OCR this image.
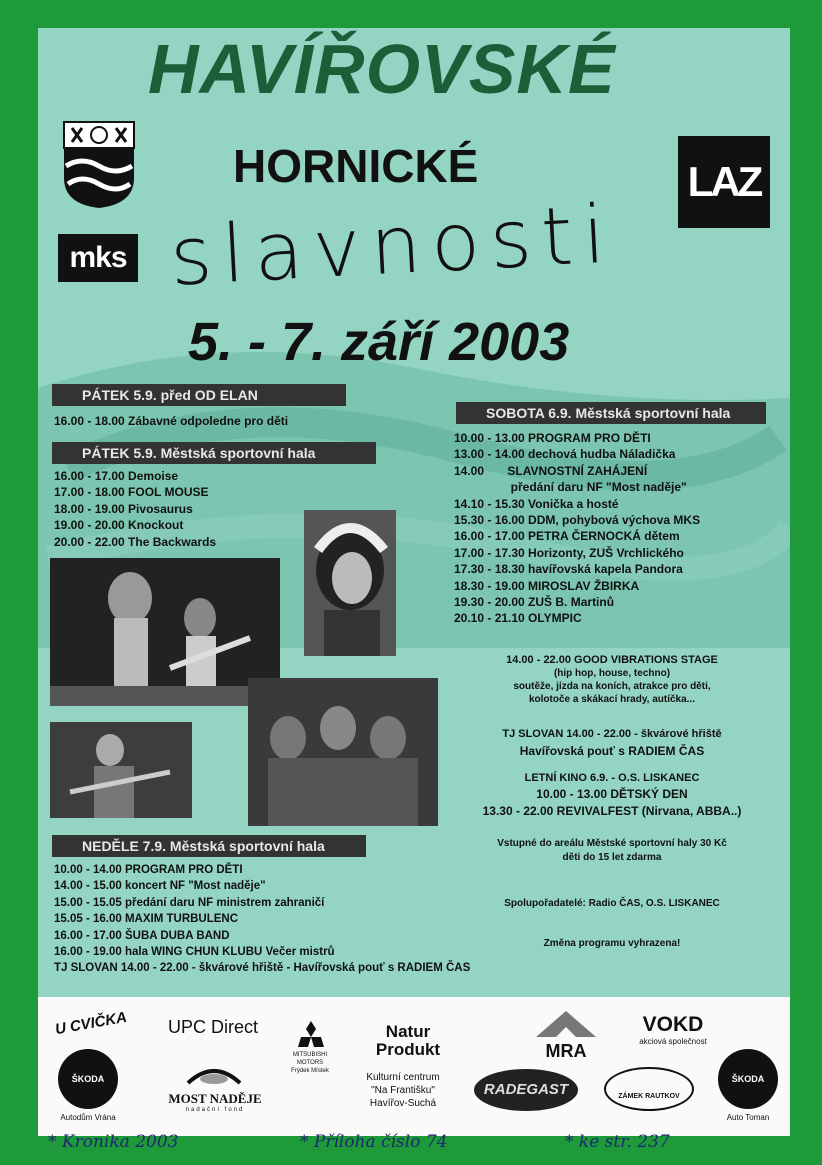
HAVÍŘOVSKÉ
HORNICKÉ
slavnosti
5. - 7. září 2003
mks
LAZ
PÁTEK 5.9. před OD ELAN
16.00 - 18.00 Zábavné odpoledne pro děti
PÁTEK 5.9. Městská sportovní hala
16.00 - 17.00 Demoise
17.00 - 18.00 FOOL MOUSE
18.00 - 19.00 Pivosaurus
19.00 - 20.00 Knockout
20.00 - 22.00 The Backwards
SOBOTA 6.9. Městská sportovní hala
10.00 - 13.00 PROGRAM PRO DĚTI
13.00 - 14.00 dechová hudba Náladička
14.00       SLAVNOSTNÍ ZAHÁJENÍ
předání daru NF "Most naděje"
14.10 - 15.30 Vonička a hosté
15.30 - 16.00 DDM, pohybová výchova MKS
16.00 - 17.00 PETRA ČERNOCKÁ dětem
17.00 - 17.30 Horizonty, ZUŠ Vrchlického
17.30 - 18.30 havířovská kapela Pandora
18.30 - 19.00 MIROSLAV ŽBIRKA
19.30 - 20.00 ZUŠ B. Martinů
20.10 - 21.10 OLYMPIC
14.00 - 22.00 GOOD VIBRATIONS STAGE
(hip hop, house, techno)
soutěže, jízda na koních, atrakce pro děti,
kolotoče a skákací hrady, autíčka...
TJ SLOVAN 14.00 - 22.00 - škvárové hřiště
Havířovská pouť s RADIEM ČAS
LETNÍ KINO 6.9. - O.S. LISKANEC
10.00 - 13.00 DĚTSKÝ DEN
13.30 - 22.00 REVIVALFEST (Nirvana, ABBA..)
Vstupné do areálu Městské sportovní haly 30 Kč
děti do 15 let zdarma
Spolupořadatelé: Radio ČAS, O.S. LISKANEC
Změna programu vyhrazena!
NEDĚLE 7.9. Městská sportovní hala
10.00 - 14.00 PROGRAM PRO DĚTI
14.00 - 15.00 koncert NF "Most naděje"
15.00 - 15.05 předání daru NF ministrem zahraničí
15.05 - 16.00 MAXIM TURBULENC
16.00 - 17.00 ŠUBA DUBA BAND
16.00 - 19.00 hala WING CHUN KLUBU Večer mistrů
TJ SLOVAN 14.00 - 22.00 - škvárové hřiště - Havířovská pouť s RADIEM ČAS
U CVIČKA	UPC Direct
MITSUBISHI
MOTORS
Frýdek Místek
Natur
Produkt	MRA
VOKD
akciová společnost
ŠKODA
Autodům Vrána
MOST NADĚJE
nadační fond
Kulturní centrum
"Na Františku"
Havířov-Suchá
RADEGAST	ZÁMEK RAUTKOV
ŠKODA
Auto Toman
* Kronika 2003	* Příloha číslo 74	* ke str. 237
